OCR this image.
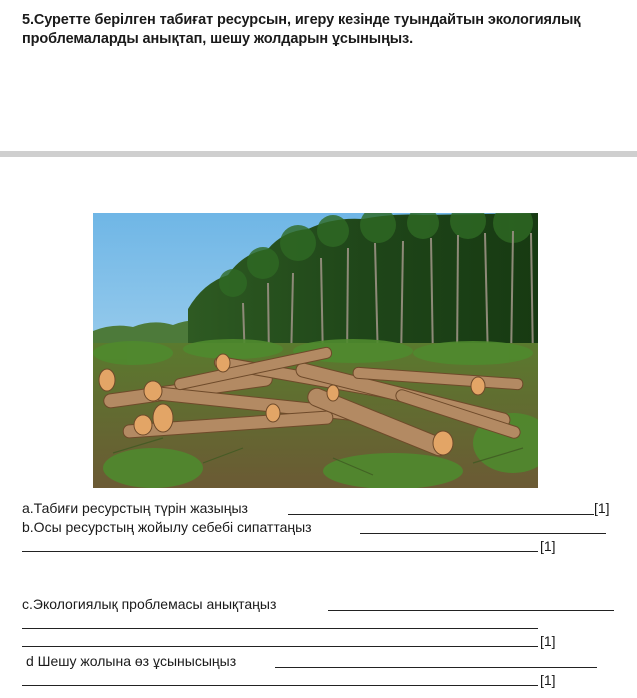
5.Суретте берілген табиғат ресурсын, игеру кезінде туындайтын экологиялық проблемаларды анықтап, шешу жолдарын ұсыныңыз.
a.Табиғи ресурстың түрін жазыңыз	[1]
b.Осы ресурстың жойылу себебі сипаттаңыз
[1]
c.Экологиялық проблемасы анықтаңыз
[1]
d Шешу жолына өз ұсынысыңыз
[1]
